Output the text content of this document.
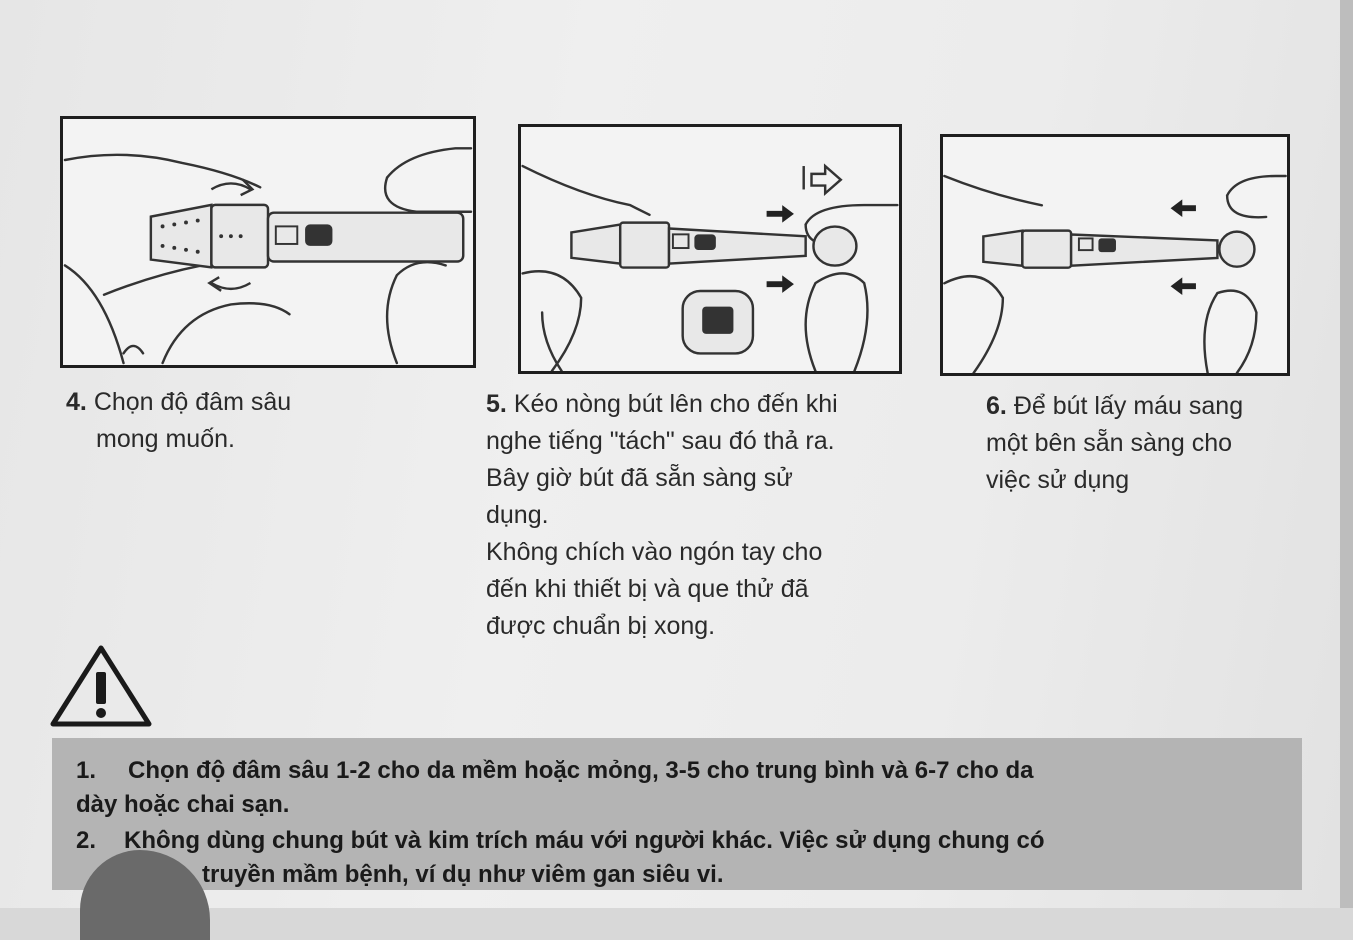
4. Chọn độ đâm sâu
mong muốn.
5. Kéo nòng bút lên cho đến khi
nghe tiếng "tách" sau đó thả ra.
Bây giờ bút đã sẵn sàng sử
dụng.
Không chích vào ngón tay cho
đến khi thiết bị và que thử đã
được chuẩn bị xong.
6. Để bút lấy máu sang
một bên sẵn sàng cho
việc sử dụng
1.	Chọn độ đâm sâu 1-2 cho da mềm hoặc mỏng, 3-5 cho trung bình và 6-7 cho da
dày hoặc chai sạn.
2.	Không dùng chung bút và kim trích máu với người khác. Việc sử dụng chung có
truyền mầm bệnh, ví dụ như viêm gan siêu vi.
